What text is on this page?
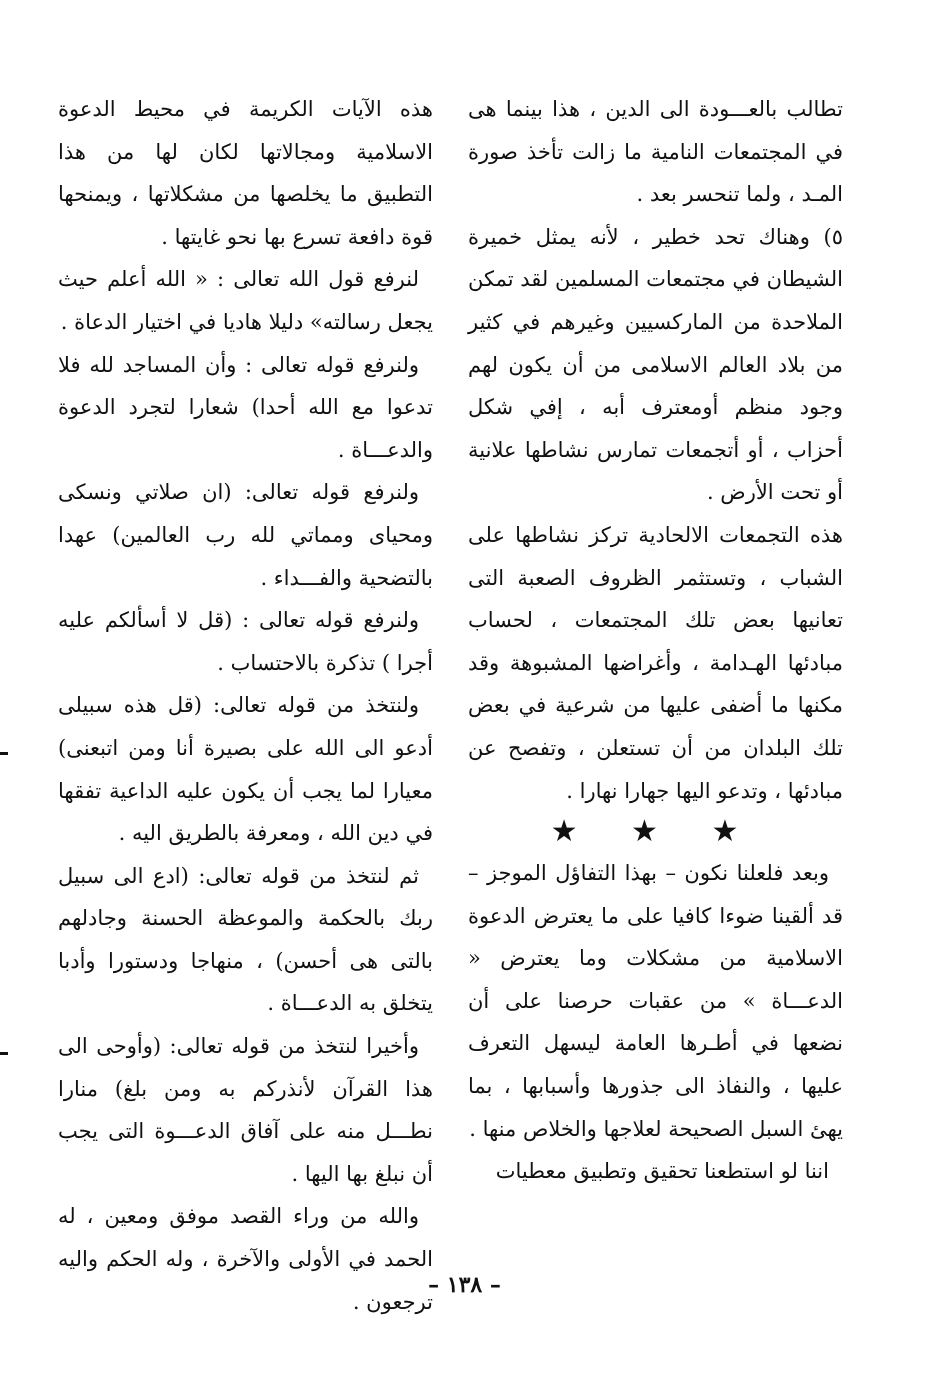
تطالب بالعـــودة الى الدين ، هذا بينما هى في المجتمعات النامية ما زالت تأخذ صورة المـد ، ولما تنحسر بعد .

٥) وهناك تحد خطير ، لأنه يمثل خميرة الشيطان في مجتمعات المسلمين لقد تمكن الملاحدة من الماركسيين وغيرهم في كثير من بلاد العالم الاسلامى من أن يكون لهم وجود منظم أومعترف أبه ، إفي شكل أحزاب ، أو أتجمعات تمارس نشاطها علانية أو تحت الأرض .

هذه التجمعات الالحادية تركز نشاطها على الشباب ، وتستثمر الظروف الصعبة التى تعانيها بعض تلك المجتمعات ، لحساب مبادئها الهـدامة ، وأغراضها المشبوهة وقد مكنها ما أضفى عليها من شرعية في بعض تلك البلدان من أن تستعلن ، وتفصح عن مبادئها ، وتدعو اليها جهارا نهارا .

★ ★ ★

وبعد فلعلنا نكون – بهذا التفاؤل الموجز – قد ألقينا ضوءا كافيا على ما يعترض الدعوة الاسلامية من مشكلات وما يعترض « الدعـــاة » من عقبات حرصنا على أن نضعها في أطـرها العامة ليسهل التعرف عليها ، والنفاذ الى جذورها وأسبابها ، بما يهئ السبل الصحيحة لعلاجها والخلاص منها .

اننا لو استطعنا تحقيق وتطبيق معطيات

هذه الآيات الكريمة في محيط الدعوة الاسلامية ومجالاتها لكان لها من هذا التطبيق ما يخلصها من مشكلاتها ، ويمنحها قوة دافعة تسرع بها نحو غايتها .

لنرفع قول الله تعالى : « الله أعلم حيث يجعل رسالته» دليلا هاديا في اختيار الدعاة .

ولنرفع قوله تعالى : وأن المساجد لله فلا تدعوا مع الله أحدا) شعارا لتجرد الدعوة والدعـــاة .

ولنرفع قوله تعالى: (ان صلاتي ونسكى ومحياى ومماتي لله رب العالمين) عهدا بالتضحية والفـــداء .

ولنرفع قوله تعالى : (قل لا أسألكم عليه أجرا ) تذكرة بالاحتساب .

ولنتخذ من قوله تعالى: (قل هذه سبيلى أدعو الى الله على بصيرة أنا ومن اتبعنى) معيارا لما يجب أن يكون عليه الداعية تفقها في دين الله ، ومعرفة بالطريق اليه .

ثم لنتخذ من قوله تعالى: (ادع الى سبيل ربك بالحكمة والموعظة الحسنة وجادلهم بالتى هى أحسن) ، منهاجا ودستورا وأدبا يتخلق به الدعـــاة .

وأخيرا لنتخذ من قوله تعالى: (وأوحى الى هذا القرآن لأنذركم به ومن بلغ) منارا نطـــل منه على آفاق الدعـــوة التى يجب أن نبلغ بها اليها .

والله من وراء القصد موفق ومعين ، له الحمد في الأولى والآخرة ، وله الحكم واليه ترجعون .

– ١٣٨ –
